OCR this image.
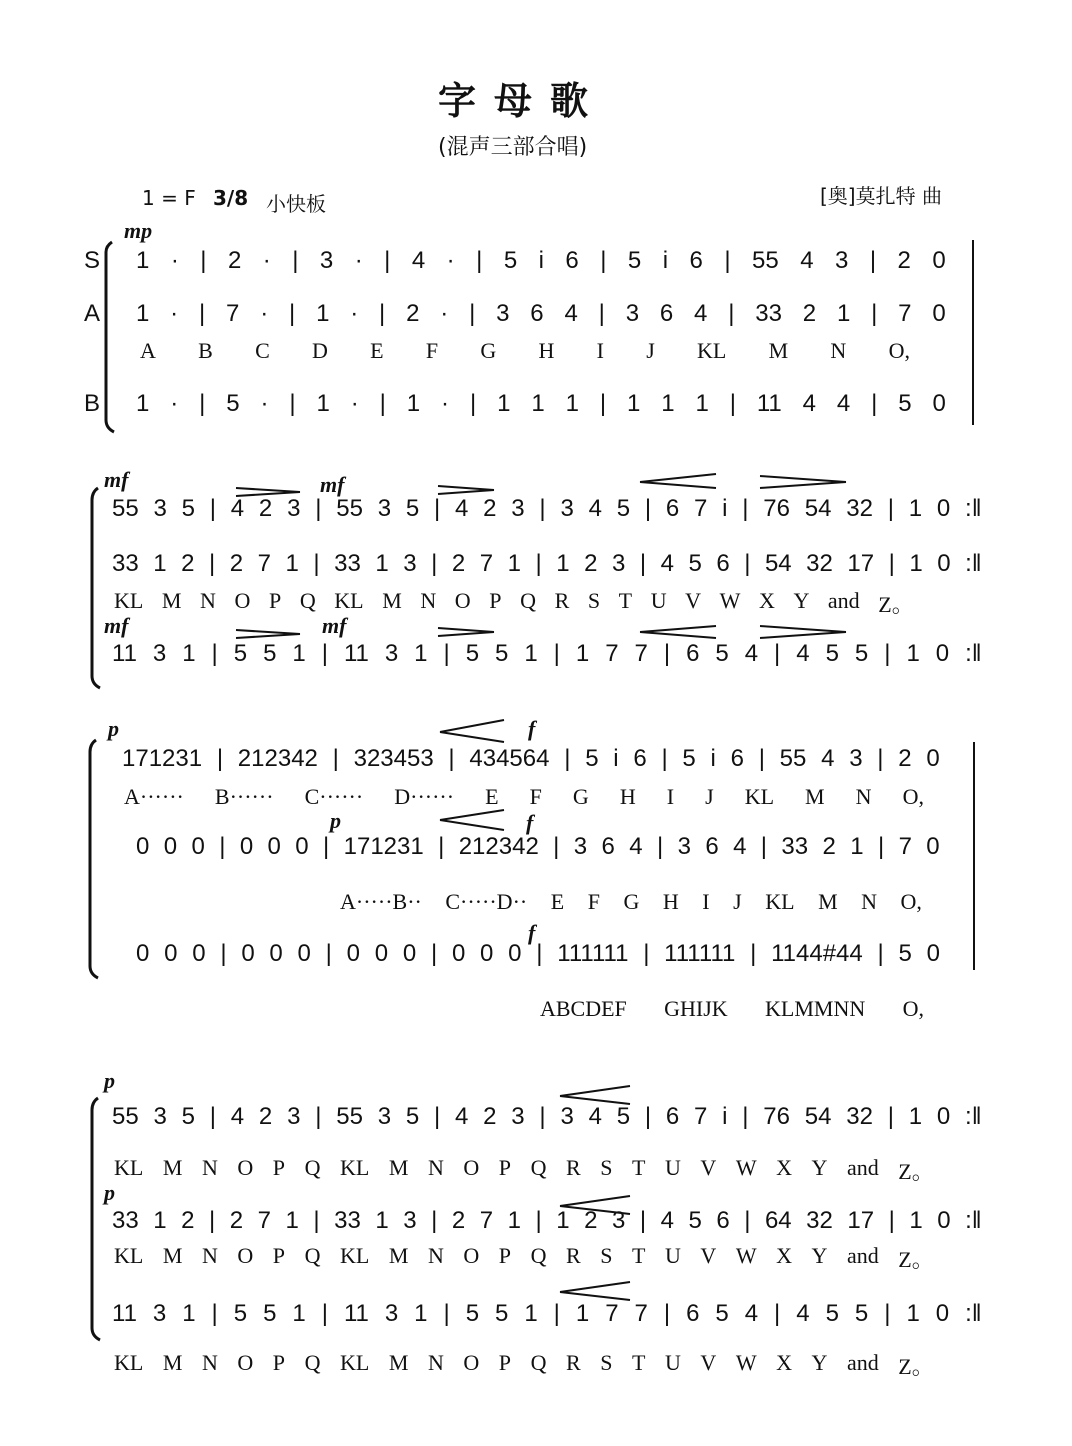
字母歌
(混声三部合唱)
1 = F 3/8 小快板	[奥]莫扎特 曲
mp
S
A
B
1 · | 2 · | 3 · | 4 · | 5 i 6 | 5 i 6 | 55 4 3 | 2 0
1 · | 7 · | 1 · | 2 · | 3 6 4 | 3 6 4 | 33 2 1 | 7 0
A B C D E F G H I J KL M N O,
1 · | 5 · | 1 · | 1 · | 1 1 1 | 1 1 1 | 11 4 4 | 5 0
mf	mf
55 3 5 | 4 2 3 | 55 3 5 | 4 2 3 | 3 4 5 | 6 7 i | 76 54 32 | 1 0 :‖
33 1 2 | 2 7 1 | 33 1 3 | 2 7 1 | 1 2 3 | 4 5 6 | 54 32 17 | 1 0 :‖
KL M N O P Q KL M N O P Q R S T U V W X Y and Z。
mf	mf
11 3 1 | 5 5 1 | 11 3 1 | 5 5 1 | 1 7 7 | 6 5 4 | 4 5 5 | 1 0 :‖
p	f
171231 | 212342 | 323453 | 434564 | 5 i 6 | 5 i 6 | 55 4 3 | 2 0
A······ B······ C······ D······ E F G H I J KL M N O,
p	f
0 0 0 | 0 0 0 | 171231 | 212342 | 3 6 4 | 3 6 4 | 33 2 1 | 7 0
A·····B·· C·····D·· E F G H I J KL M N O,
f
0 0 0 | 0 0 0 | 0 0 0 | 0 0 0 | 111111 | 111111 | 1144#44 | 5 0
ABCDEF GHIJK KLMMNN O,
p
55 3 5 | 4 2 3 | 55 3 5 | 4 2 3 | 3 4 5 | 6 7 i | 76 54 32 | 1 0 :‖
KL M N O P Q KL M N O P Q R S T U V W X Y and Z。
p
33 1 2 | 2 7 1 | 33 1 3 | 2 7 1 | 1 2 3 | 4 5 6 | 64 32 17 | 1 0 :‖
KL M N O P Q KL M N O P Q R S T U V W X Y and Z。
11 3 1 | 5 5 1 | 11 3 1 | 5 5 1 | 1 7 7 | 6 5 4 | 4 5 5 | 1 0 :‖
KL M N O P Q KL M N O P Q R S T U V W X Y and Z。
